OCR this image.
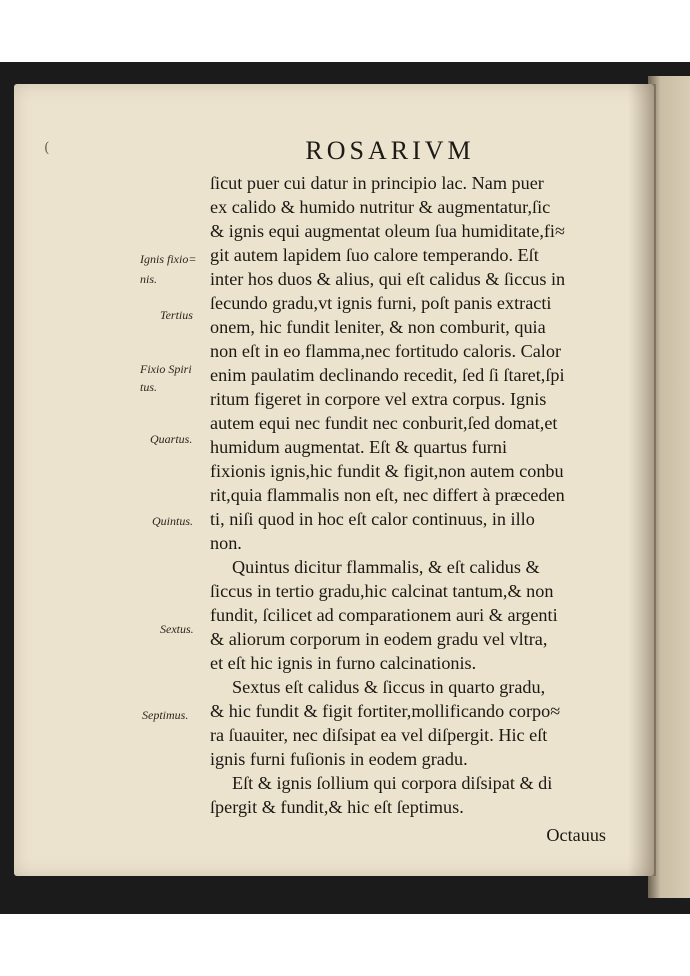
(	ROSARIVM
ſicut puer cui datur in principio lac. Nam puer
ex calido & humido nutritur & augmentatur,ſic
& ignis equi augmentat oleum ſua humiditate,fi≈
git autem lapidem ſuo calore temperando. Eſt
inter hos duos & alius, qui eſt calidus & ſiccus in
ſecundo gradu,vt ignis furni, poſt panis extracti
onem, hic fundit leniter, & non comburit, quia
non eſt in eo flamma,nec fortitudo caloris. Calor
enim paulatim declinando recedit, ſed ſi ſtaret,ſpi
ritum figeret in corpore vel extra corpus. Ignis
autem equi nec fundit nec conburit,ſed domat,et
humidum augmentat. Eſt & quartus furni
fixionis ignis,hic fundit & figit,non autem conbu
rit,quia flammalis non eſt, nec differt à præceden
ti, niſi quod in hoc eſt calor continuus, in illo
non.
Quintus dicitur flammalis, & eſt calidus &
ſiccus in tertio gradu,hic calcinat tantum,& non
fundit, ſcilicet ad comparationem auri & argenti
& aliorum corporum in eodem gradu vel vltra,
et eſt hic ignis in furno calcinationis.
Sextus eſt calidus & ſiccus in quarto gradu,
& hic fundit & figit fortiter,mollificando corpo≈
ra ſuauiter, nec diſsipat ea vel diſpergit. Hic eſt
ignis furni fuſionis in eodem gradu.
Eſt & ignis ſollium qui corpora diſsipat & di
ſpergit & fundit,& hic eſt ſeptimus.
Octauus
Ignis fixio=
nis.
Tertius
Fixio Spiri
tus.
Quartus.
Quintus.
Sextus.
Septimus.
